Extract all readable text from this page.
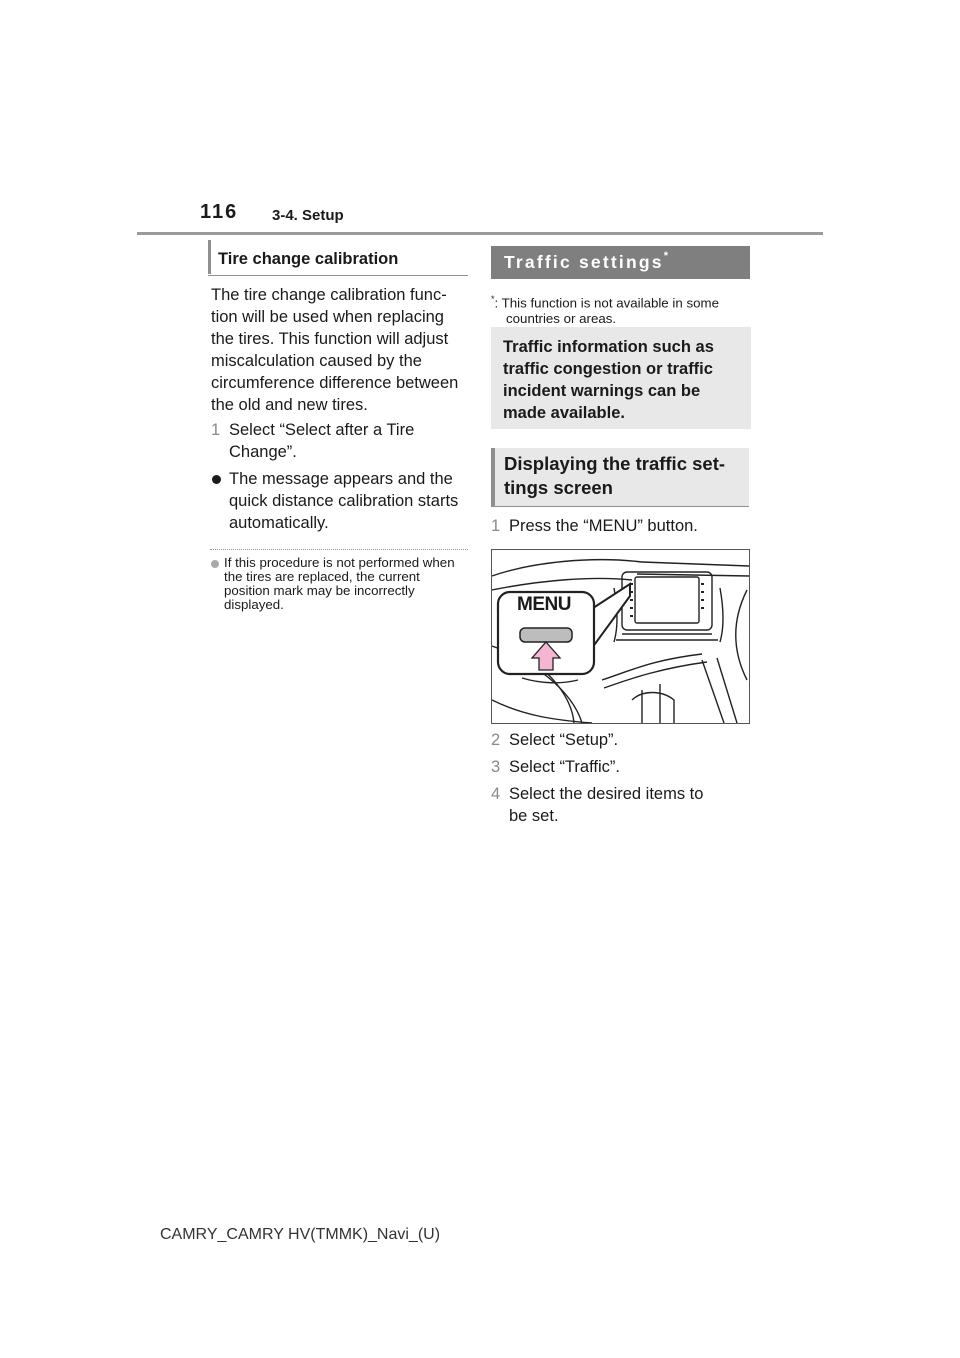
116 3-4. Setup
Tire change calibration
The tire change calibration func-tion will be used when replacing the tires. This function will adjust miscalculation caused by the circumference difference between the old and new tires.
1 Select “Select after a Tire Change”.
The message appears and the quick distance calibration starts automatically.
If this procedure is not performed when the tires are replaced, the current position mark may be incorrectly displayed.
Traffic settings*
*: This function is not available in some countries or areas.
Traffic information such as traffic congestion or traffic incident warnings can be made available.
Displaying the traffic set-tings screen
1 Press the “MENU” button.
MENU
2 Select “Setup”.
3 Select “Traffic”.
4 Select the desired items to be set.
CAMRY_CAMRY HV(TMMK)_Navi_(U)
